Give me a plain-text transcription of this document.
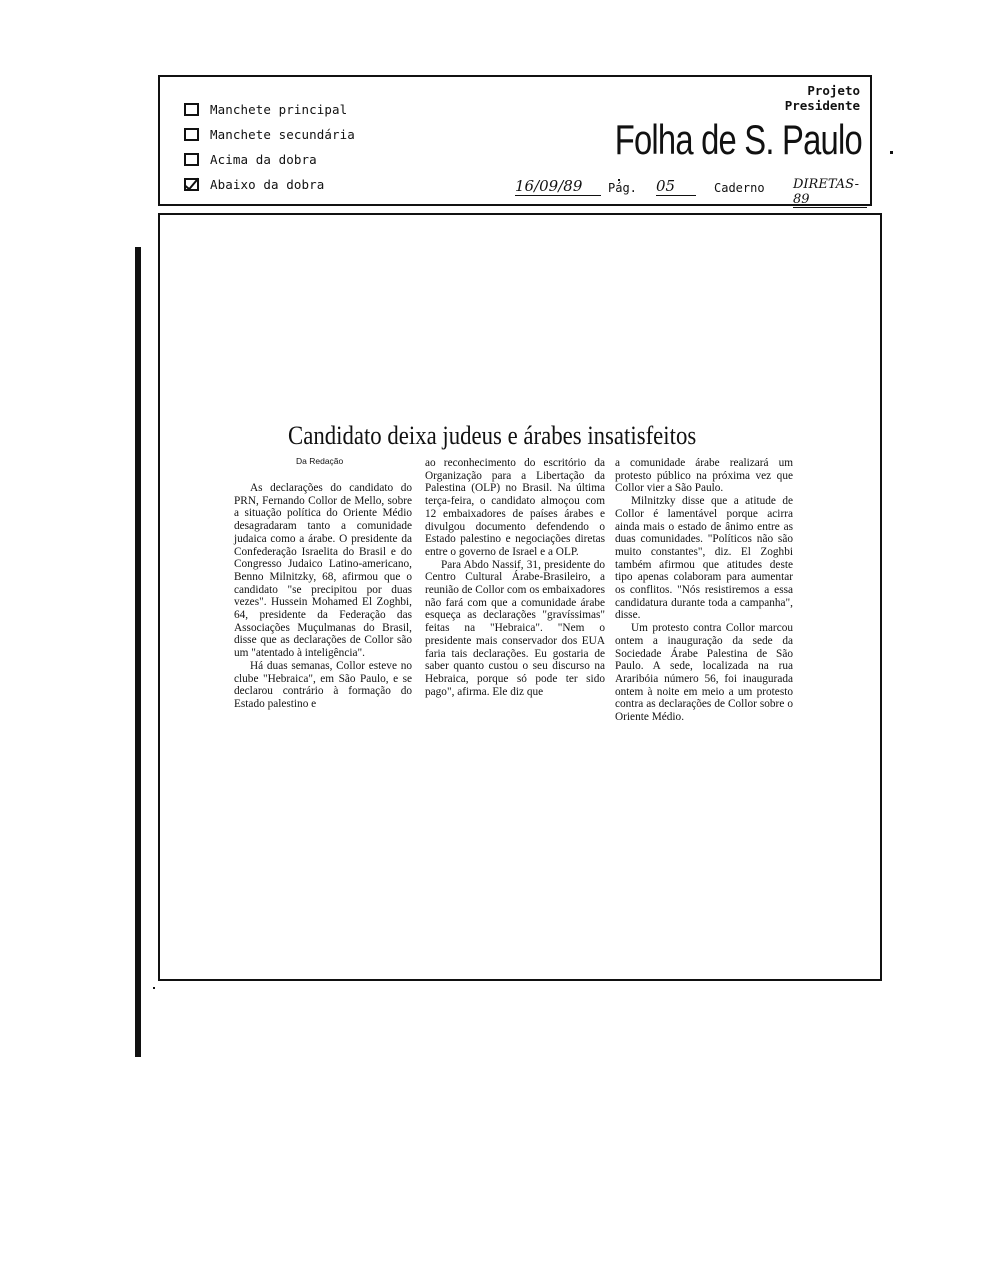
Manchete principal
Manchete secundária
Acima da dobra
Abaixo da dobra
Projeto
Presidente
Folha de S. Paulo
16/09/89	Pág. 05	Caderno DIRETAS-89
Candidato deixa judeus e árabes insatisfeitos
Da Redação

As declarações do candidato do PRN, Fernando Collor de Mello, sobre a situação política do Oriente Médio desagradaram tanto a comunidade judaica como a árabe. O presidente da Confederação Israelita do Brasil e do Congresso Judaico Latino-americano, Benno Milnitzky, 68, afirmou que o candidato "se precipitou por duas vezes". Hussein Mohamed El Zoghbi, 64, presidente da Federação das Associações Muçulmanas do Brasil, disse que as declarações de Collor são um "atentado à inteligência".

Há duas semanas, Collor esteve no clube "Hebraica", em São Paulo, e se declarou contrário à formação do Estado palestino e

ao reconhecimento do escritório da Organização para a Libertação da Palestina (OLP) no Brasil. Na última terça-feira, o candidato almoçou com 12 embaixadores de países árabes e divulgou documento defendendo o Estado palestino e negociações diretas entre o governo de Israel e a OLP.

Para Abdo Nassif, 31, presidente do Centro Cultural Árabe-Brasileiro, a reunião de Collor com os embaixadores não fará com que a comunidade árabe esqueça as declarações "gravíssimas" feitas na "Hebraica". "Nem o presidente mais conservador dos EUA faria tais declarações. Eu gostaria de saber quanto custou o seu discurso na Hebraica, porque só pode ter sido pago", afirma. Ele diz que

a comunidade árabe realizará um protesto público na próxima vez que Collor vier a São Paulo.

Milnitzky disse que a atitude de Collor é lamentável porque acirra ainda mais o estado de ânimo entre as duas comunidades. "Políticos não são muito constantes", diz. El Zoghbi também afirmou que atitudes deste tipo apenas colaboram para aumentar os conflitos. "Nós resistiremos a essa candidatura durante toda a campanha", disse.

Um protesto contra Collor marcou ontem a inauguração da sede da Sociedade Árabe Palestina de São Paulo. A sede, localizada na rua Araribóia número 56, foi inaugurada ontem à noite em meio a um protesto contra as declarações de Collor sobre o Oriente Médio.
